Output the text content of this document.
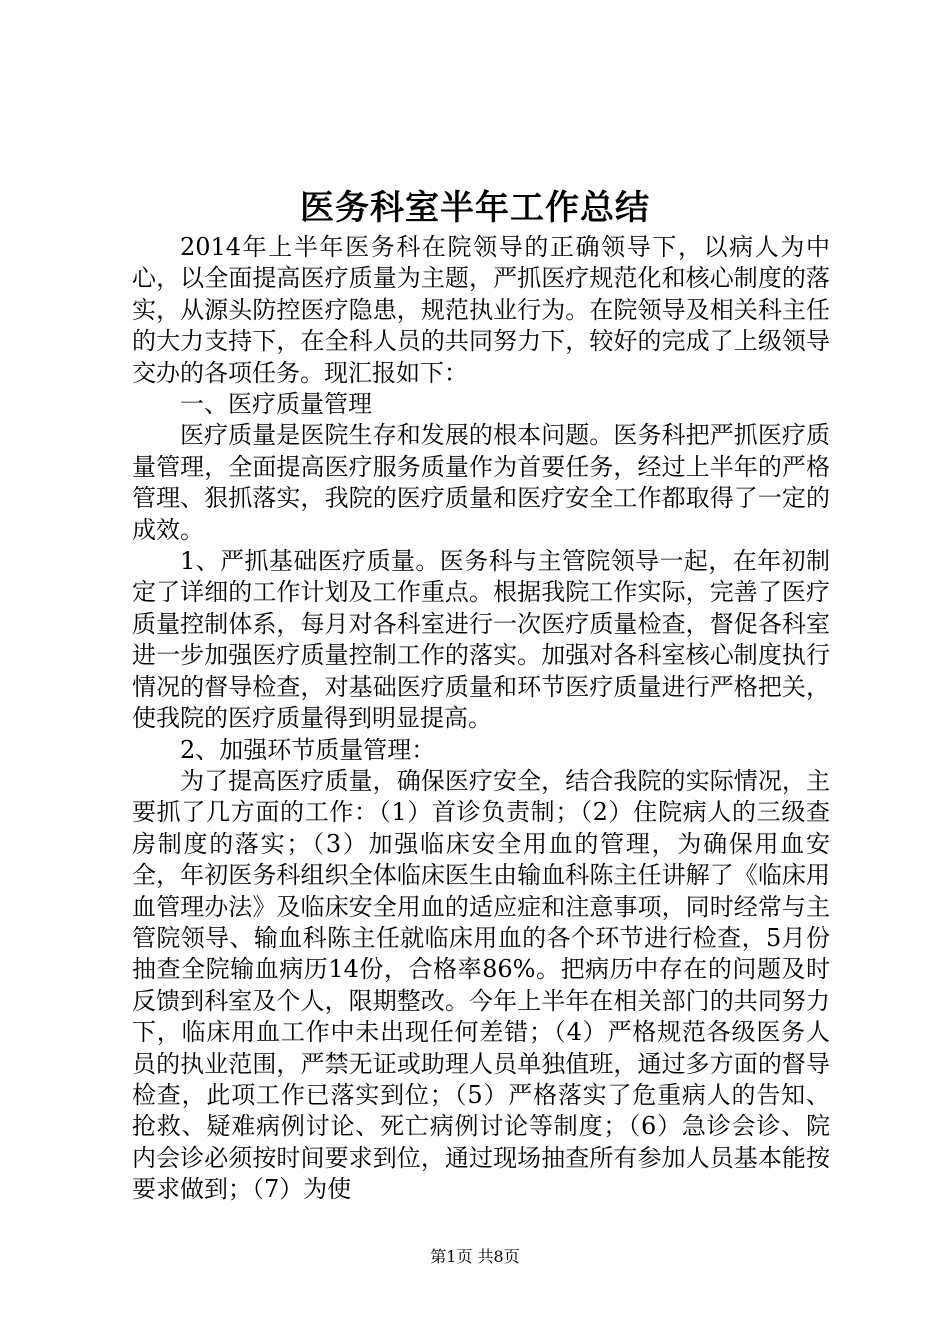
医务科室半年工作总结

2014年上半年医务科在院领导的正确领导下，以病人为中心，以全面提高医疗质量为主题，严抓医疗规范化和核心制度的落实，从源头防控医疗隐患，规范执业行为。在院领导及相关科主任的大力支持下，在全科人员的共同努力下，较好的完成了上级领导交办的各项任务。现汇报如下：

一、医疗质量管理

医疗质量是医院生存和发展的根本问题。医务科把严抓医疗质量管理，全面提高医疗服务质量作为首要任务，经过上半年的严格管理、狠抓落实，我院的医疗质量和医疗安全工作都取得了一定的成效。

1、严抓基础医疗质量。医务科与主管院领导一起，在年初制定了详细的工作计划及工作重点。根据我院工作实际，完善了医疗质量控制体系，每月对各科室进行一次医疗质量检查，督促各科室进一步加强医疗质量控制工作的落实。加强对各科室核心制度执行情况的督导检查，对基础医疗质量和环节医疗质量进行严格把关，使我院的医疗质量得到明显提高。

2、加强环节质量管理：

为了提高医疗质量，确保医疗安全，结合我院的实际情况，主要抓了几方面的工作：（1）首诊负责制；（2）住院病人的三级查房制度的落实；（3）加强临床安全用血的管理，为确保用血安全，年初医务科组织全体临床医生由输血科陈主任讲解了《临床用血管理办法》及临床安全用血的适应症和注意事项，同时经常与主管院领导、输血科陈主任就临床用血的各个环节进行检查，5月份抽查全院输血病历14份，合格率86%。把病历中存在的问题及时反馈到科室及个人，限期整改。今年上半年在相关部门的共同努力下，临床用血工作中未出现任何差错；（4）严格规范各级医务人员的执业范围，严禁无证或助理人员单独值班，通过多方面的督导检查，此项工作已落实到位；（5）严格落实了危重病人的告知、抢救、疑难病例讨论、死亡病例讨论等制度；（6）急诊会诊、院内会诊必须按时间要求到位，通过现场抽查所有参加人员基本能按要求做到；（7）为使

第1页 共8页
